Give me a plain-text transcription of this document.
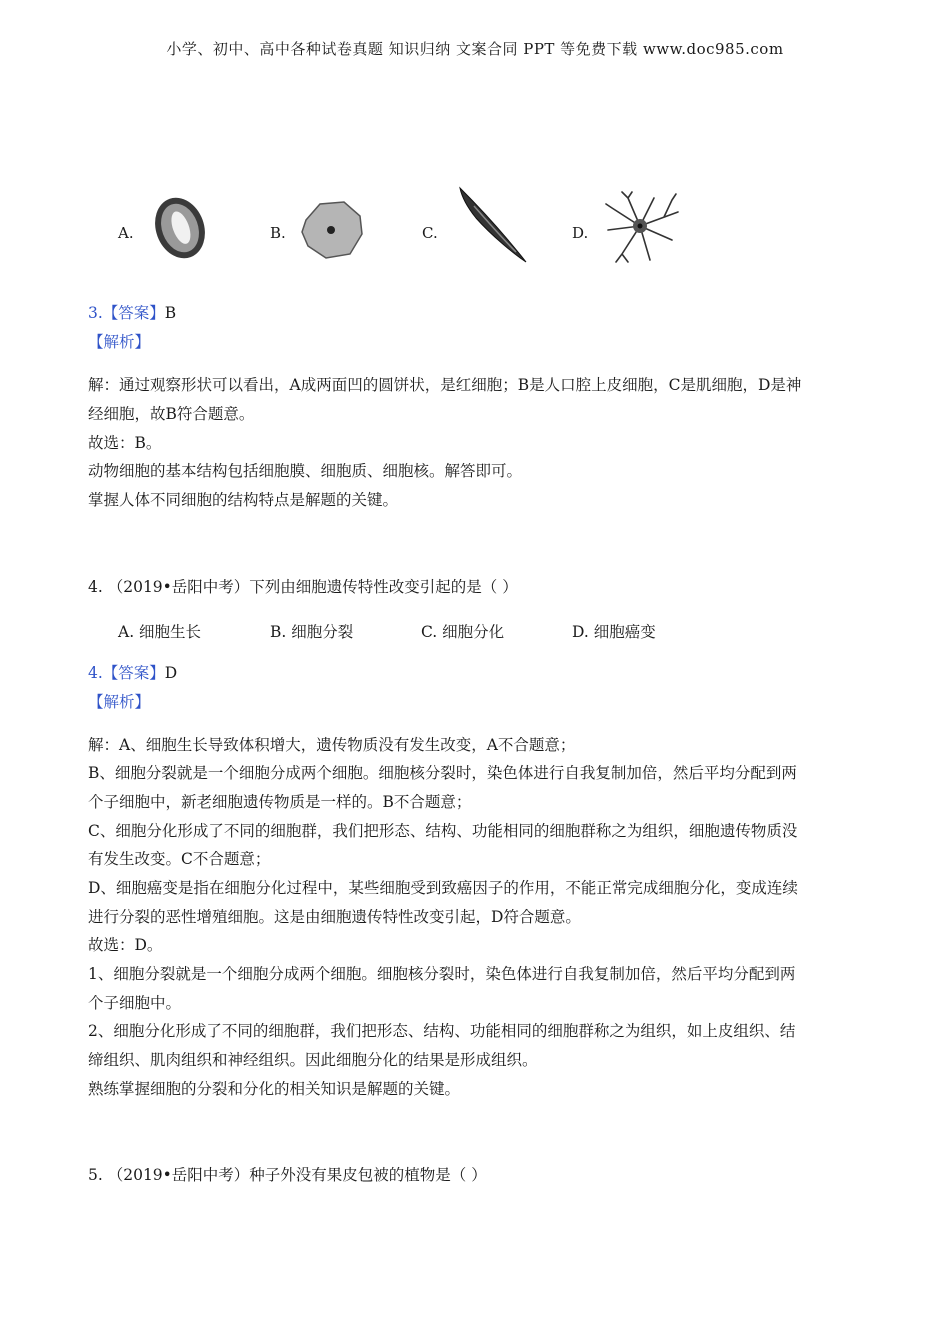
小学、初中、高中各种试卷真题 知识归纳 文案合同 PPT 等免费下载 www.doc985.com
A.	B.	C.	D.
3.【答案】B
【解析】
解：通过观察形状可以看出，A成两面凹的圆饼状，是红细胞；B是人口腔上皮细胞，C是肌细胞，D是神
经细胞，故B符合题意。
故选：B。
动物细胞的基本结构包括细胞膜、细胞质、细胞核。解答即可。
掌握人体不同细胞的结构特点是解题的关键。
4. （2019•岳阳中考）下列由细胞遗传特性改变引起的是（ ）
A. 细胞生长	B. 细胞分裂	C. 细胞分化	D. 细胞癌变
4.【答案】D
【解析】
解：A、细胞生长导致体积增大，遗传物质没有发生改变，A不合题意；
B、细胞分裂就是一个细胞分成两个细胞。细胞核分裂时，染色体进行自我复制加倍，然后平均分配到两
个子细胞中，新老细胞遗传物质是一样的。B不合题意；
C、细胞分化形成了不同的细胞群，我们把形态、结构、功能相同的细胞群称之为组织，细胞遗传物质没
有发生改变。C不合题意；
D、细胞癌变是指在细胞分化过程中，某些细胞受到致癌因子的作用，不能正常完成细胞分化，变成连续
进行分裂的恶性增殖细胞。这是由细胞遗传特性改变引起，D符合题意。
故选：D。
1、细胞分裂就是一个细胞分成两个细胞。细胞核分裂时，染色体进行自我复制加倍，然后平均分配到两
个子细胞中。
2、细胞分化形成了不同的细胞群，我们把形态、结构、功能相同的细胞群称之为组织，如上皮组织、结
缔组织、肌肉组织和神经组织。因此细胞分化的结果是形成组织。
熟练掌握细胞的分裂和分化的相关知识是解题的关键。
5. （2019•岳阳中考）种子外没有果皮包被的植物是（ ）
